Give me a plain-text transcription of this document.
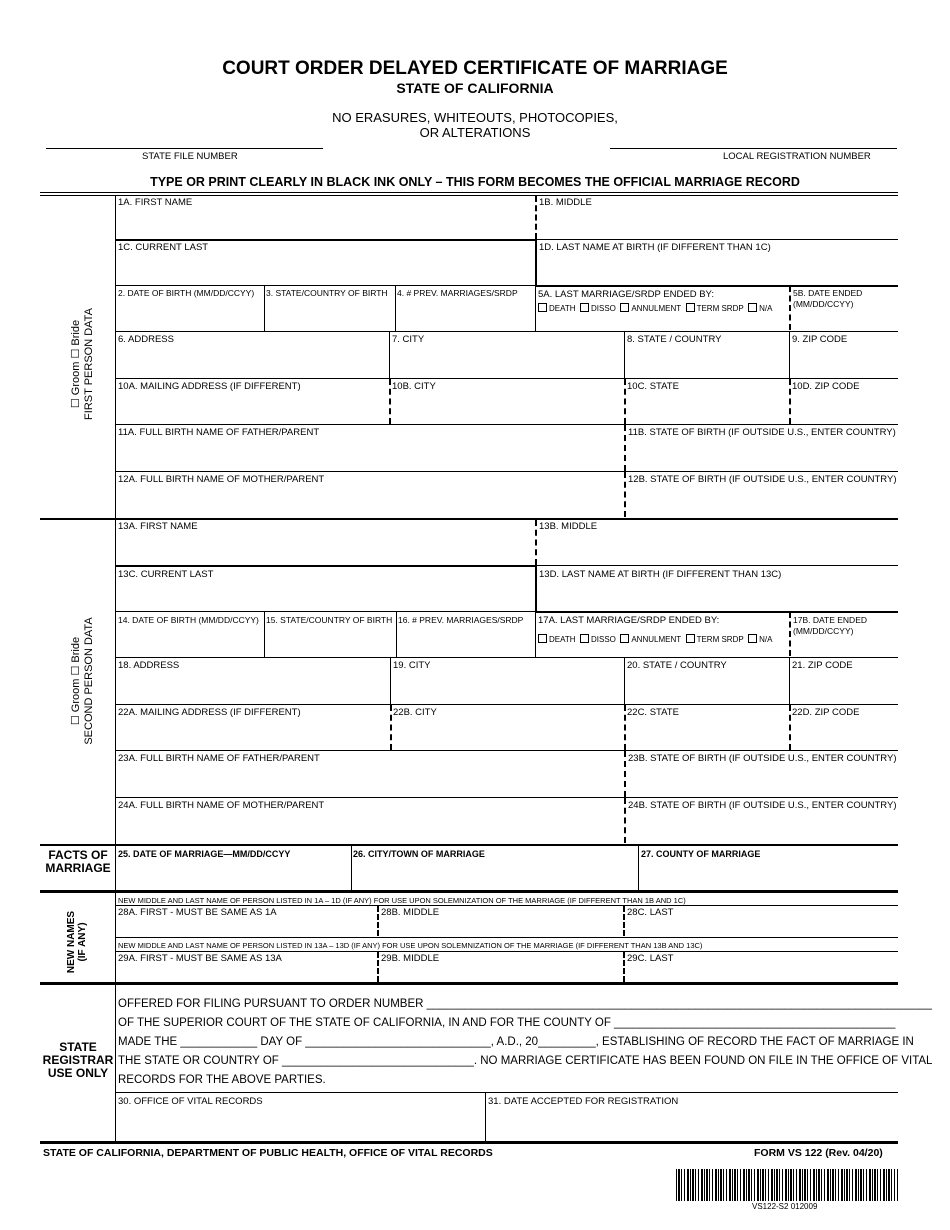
COURT ORDER DELAYED CERTIFICATE OF MARRIAGE
STATE OF CALIFORNIA
NO ERASURES, WHITEOUTS, PHOTOCOPIES,
OR ALTERATIONS
STATE FILE NUMBER	LOCAL REGISTRATION NUMBER
TYPE OR PRINT CLEARLY IN BLACK INK ONLY – THIS FORM BECOMES THE OFFICIAL MARRIAGE RECORD
☐ Groom ☐ Bride FIRST PERSON DATA
1A. FIRST NAME	1B. MIDDLE
1C. CURRENT LAST	1D. LAST NAME AT BIRTH (IF DIFFERENT THAN 1C)
2. DATE OF BIRTH (MM/DD/CCYY) 3. STATE/COUNTRY OF BIRTH 4. # PREV. MARRIAGES/SRDP 5A. LAST MARRIAGE/SRDP ENDED BY:
DEATH DISSO ANNULMENT TERM SRDP N/A
5B. DATE ENDED
(MM/DD/CCYY)
6. ADDRESS	7. CITY	8. STATE / COUNTRY	9. ZIP CODE
10A. MAILING ADDRESS (IF DIFFERENT)	10B. CITY	10C. STATE	10D. ZIP CODE
11A. FULL BIRTH NAME OF FATHER/PARENT	11B. STATE OF BIRTH (IF OUTSIDE U.S., ENTER COUNTRY)
12A. FULL BIRTH NAME OF MOTHER/PARENT	12B. STATE OF BIRTH (IF OUTSIDE U.S., ENTER COUNTRY)
☐ Groom ☐ Bride SECOND PERSON DATA
13A. FIRST NAME	13B. MIDDLE
13C. CURRENT LAST	13D. LAST NAME AT BIRTH (IF DIFFERENT THAN 13C)
14. DATE OF BIRTH (MM/DD/CCYY) 15. STATE/COUNTRY OF BIRTH 16. # PREV. MARRIAGES/SRDP 17A. LAST MARRIAGE/SRDP ENDED BY:
DEATH DISSO ANNULMENT TERM SRDP N/A
17B. DATE ENDED
(MM/DD/CCYY)
18. ADDRESS	19. CITY	20. STATE / COUNTRY	21. ZIP CODE
22A. MAILING ADDRESS (IF DIFFERENT)	22B. CITY	22C. STATE	22D. ZIP CODE
23A. FULL BIRTH NAME OF FATHER/PARENT	23B. STATE OF BIRTH (IF OUTSIDE U.S., ENTER COUNTRY)
24A. FULL BIRTH NAME OF MOTHER/PARENT	24B. STATE OF BIRTH (IF OUTSIDE U.S., ENTER COUNTRY)
FACTS OF
MARRIAGE
25. DATE OF MARRIAGE—MM/DD/CCYY	26. CITY/TOWN OF MARRIAGE	27. COUNTY OF MARRIAGE
NEW NAMES (IF ANY)
NEW MIDDLE AND LAST NAME OF PERSON LISTED IN 1A – 1D (IF ANY) FOR USE UPON SOLEMNIZATION OF THE MARRIAGE (IF DIFFERENT THAN 1B AND 1C)
28A. FIRST - MUST BE SAME AS 1A	28B. MIDDLE	28C. LAST
NEW MIDDLE AND LAST NAME OF PERSON LISTED IN 13A – 13D (IF ANY) FOR USE UPON SOLEMNIZATION OF THE MARRIAGE (IF DIFFERENT THAN 13B AND 13C)
29A. FIRST - MUST BE SAME AS 13A	29B. MIDDLE	29C. LAST
STATE
REGISTRAR
USE ONLY
OFFERED FOR FILING PURSUANT TO ORDER NUMBER _______________________________________________________________________________
OF THE SUPERIOR COURT OF THE STATE OF CALIFORNIA, IN AND FOR THE COUNTY OF ____________________________________________
MADE THE ____________ DAY OF _____________________________, A.D., 20_________, ESTABLISHING OF RECORD THE FACT OF MARRIAGE IN
THE STATE OR COUNTRY OF ______________________________. NO MARRIAGE CERTIFICATE HAS BEEN FOUND ON FILE IN THE OFFICE OF VITAL
RECORDS FOR THE ABOVE PARTIES.
30. OFFICE OF VITAL RECORDS	31. DATE ACCEPTED FOR REGISTRATION
STATE OF CALIFORNIA, DEPARTMENT OF PUBLIC HEALTH, OFFICE OF VITAL RECORDS	FORM VS 122 (Rev. 04/20)
VS122-S2 012009
